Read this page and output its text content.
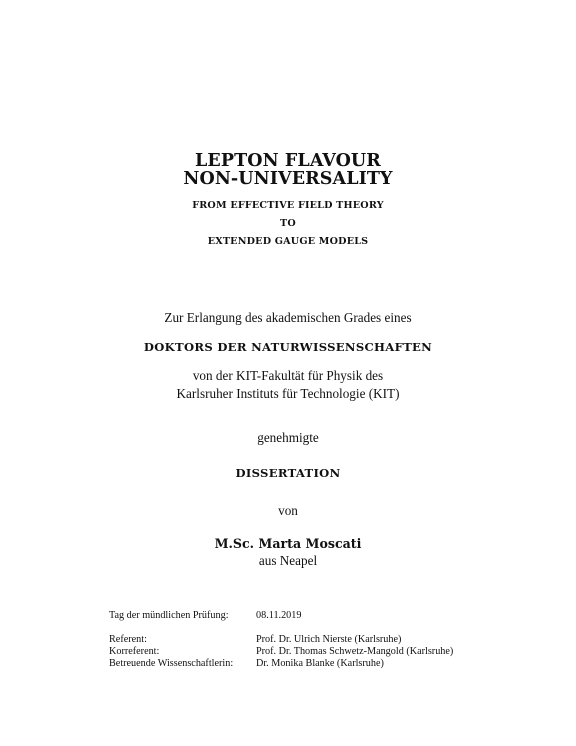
LEPTON FLAVOUR
NON-UNIVERSALITY
FROM EFFECTIVE FIELD THEORY
TO
EXTENDED GAUGE MODELS
Zur Erlangung des akademischen Grades eines
DOKTORS DER NATURWISSENSCHAFTEN
von der KIT-Fakultät für Physik des
Karlsruher Instituts für Technologie (KIT)
genehmigte
DISSERTATION
von
M.Sc. Marta Moscati
aus Neapel
Tag der mündlichen Prüfung:	08.11.2019
Referent:	Prof. Dr. Ulrich Nierste (Karlsruhe)
Korreferent:	Prof. Dr. Thomas Schwetz-Mangold (Karlsruhe)
Betreuende Wissenschaftlerin: Dr. Monika Blanke (Karlsruhe)
